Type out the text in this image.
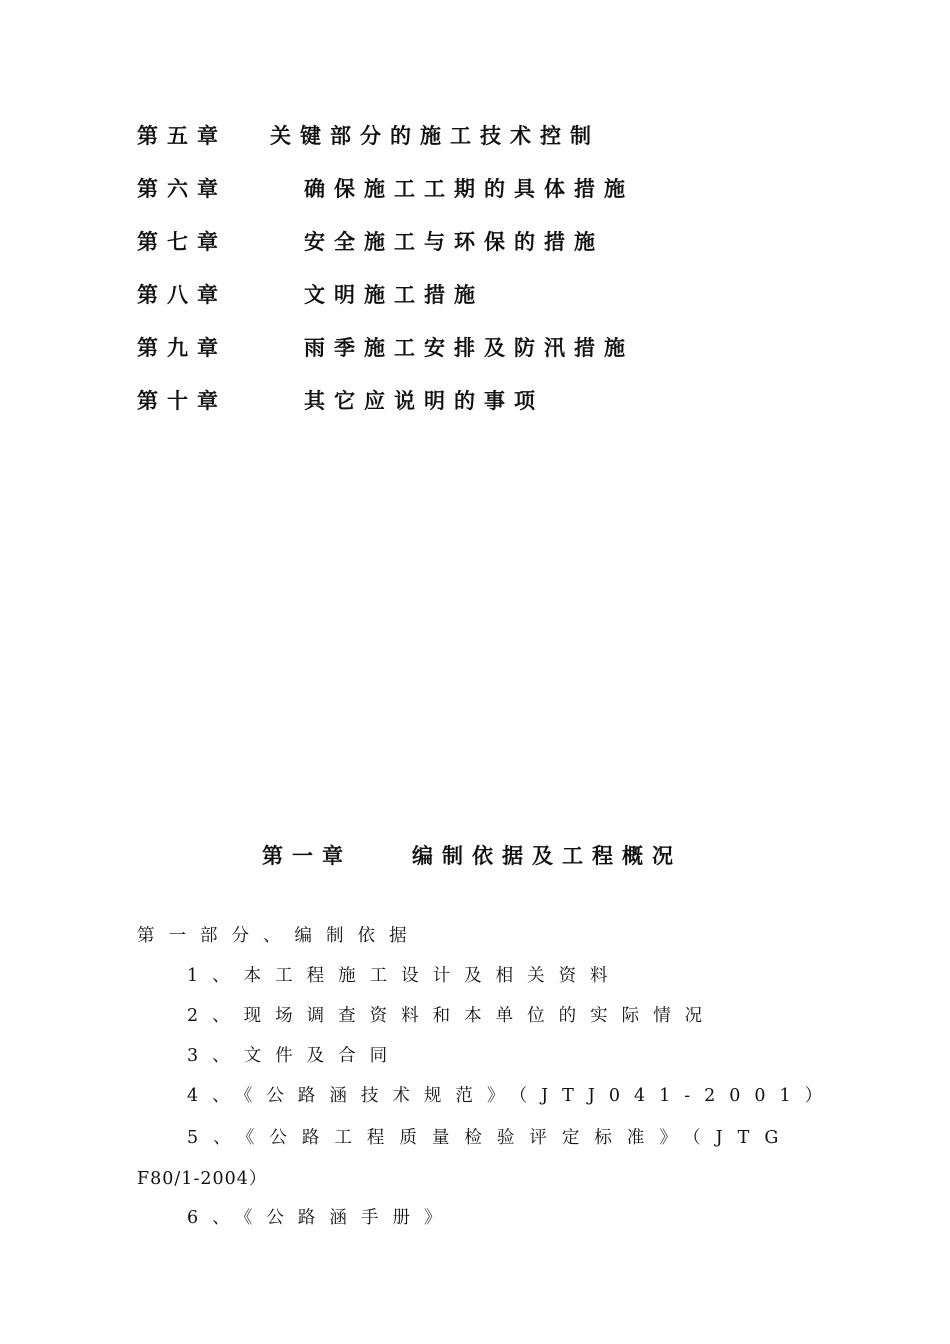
第五章 关键部分的施工技术控制
第六章	确保施工工期的具体措施
第七章	安全施工与环保的措施
第八章	文明施工措施
第九章	雨季施工安排及防汛措施
第十章	其它应说明的事项
第一章	编制依据及工程概况
第一部分、编制依据
1、本工程施工设计及相关资料
2、现场调查资料和本单位的实际情况
3、文件及合同
4、《公路涵技术规范》（JTJ041-2001）
5、《公路工程质量检验评定标准》（JTG
F80/1-2004）
6、《公路涵手册》
